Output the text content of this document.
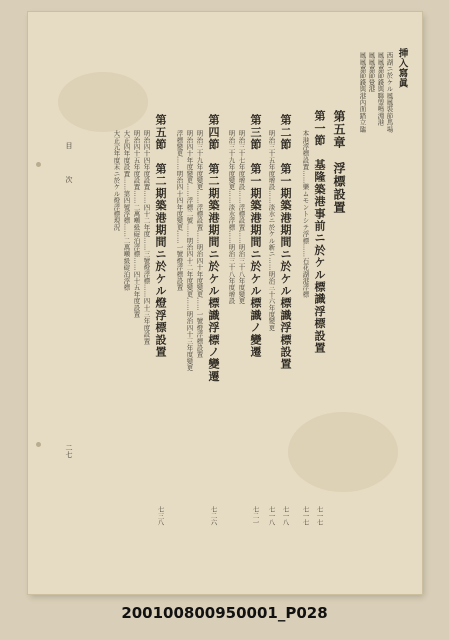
挿入寫眞
西湖ニ於ケル鳳鳳裝節馬場
鳳鳳嘉節錢與聯盟鳴淵港
鳳鳳嘉節覺港
鳳鳳嘉節錢與港內面踏立臨
第五章　浮標設置
第一節　基隆築港事前ニ於ケル標識浮標設置
七一七
本港浮標設置……樂ムモントシテ浮標……石花湖港浮標
七一七
第二節　第一期築港期間ニ於ケル標識浮標設置
七一八
明治三十五年度增設……淡水ニ於ケル新ニ……明治三十六年度變更
七一八
第三節　第一期築港期間ニ於ケル標識ノ變遷
七二一
明治三十七年度增設……浮標設置……明治三十八年度變更
明治三十九年度變更……淡水浮標……明治三十八年度增設
第四節　第二期築港期間ニ於ケル標識浮標ノ變遷
七二六
明治三十九年度變更……浮標設置……明治四十年度變更……一號燈浮標設置
明治四十年度變更……浮標二號……明治四十二年度變更……明治四十三年度變更
浮標變更……明治四十四年度變更……一號燈浮標設置
第五節　第二期築港期間ニ於ケル燈浮標設置
七三八
明治四十四年度設置……四十二年度……三號燈浮標……四十三年度設置
明治四十五年度設置……二萬噸級碇泊浮標……四十五年度設置
大正四年度設置……第四號浮標……二萬噸級碇泊浮標
大正元年度末ニ於ケル燈浮標現況
目　次
二七
200100800950001_P028
